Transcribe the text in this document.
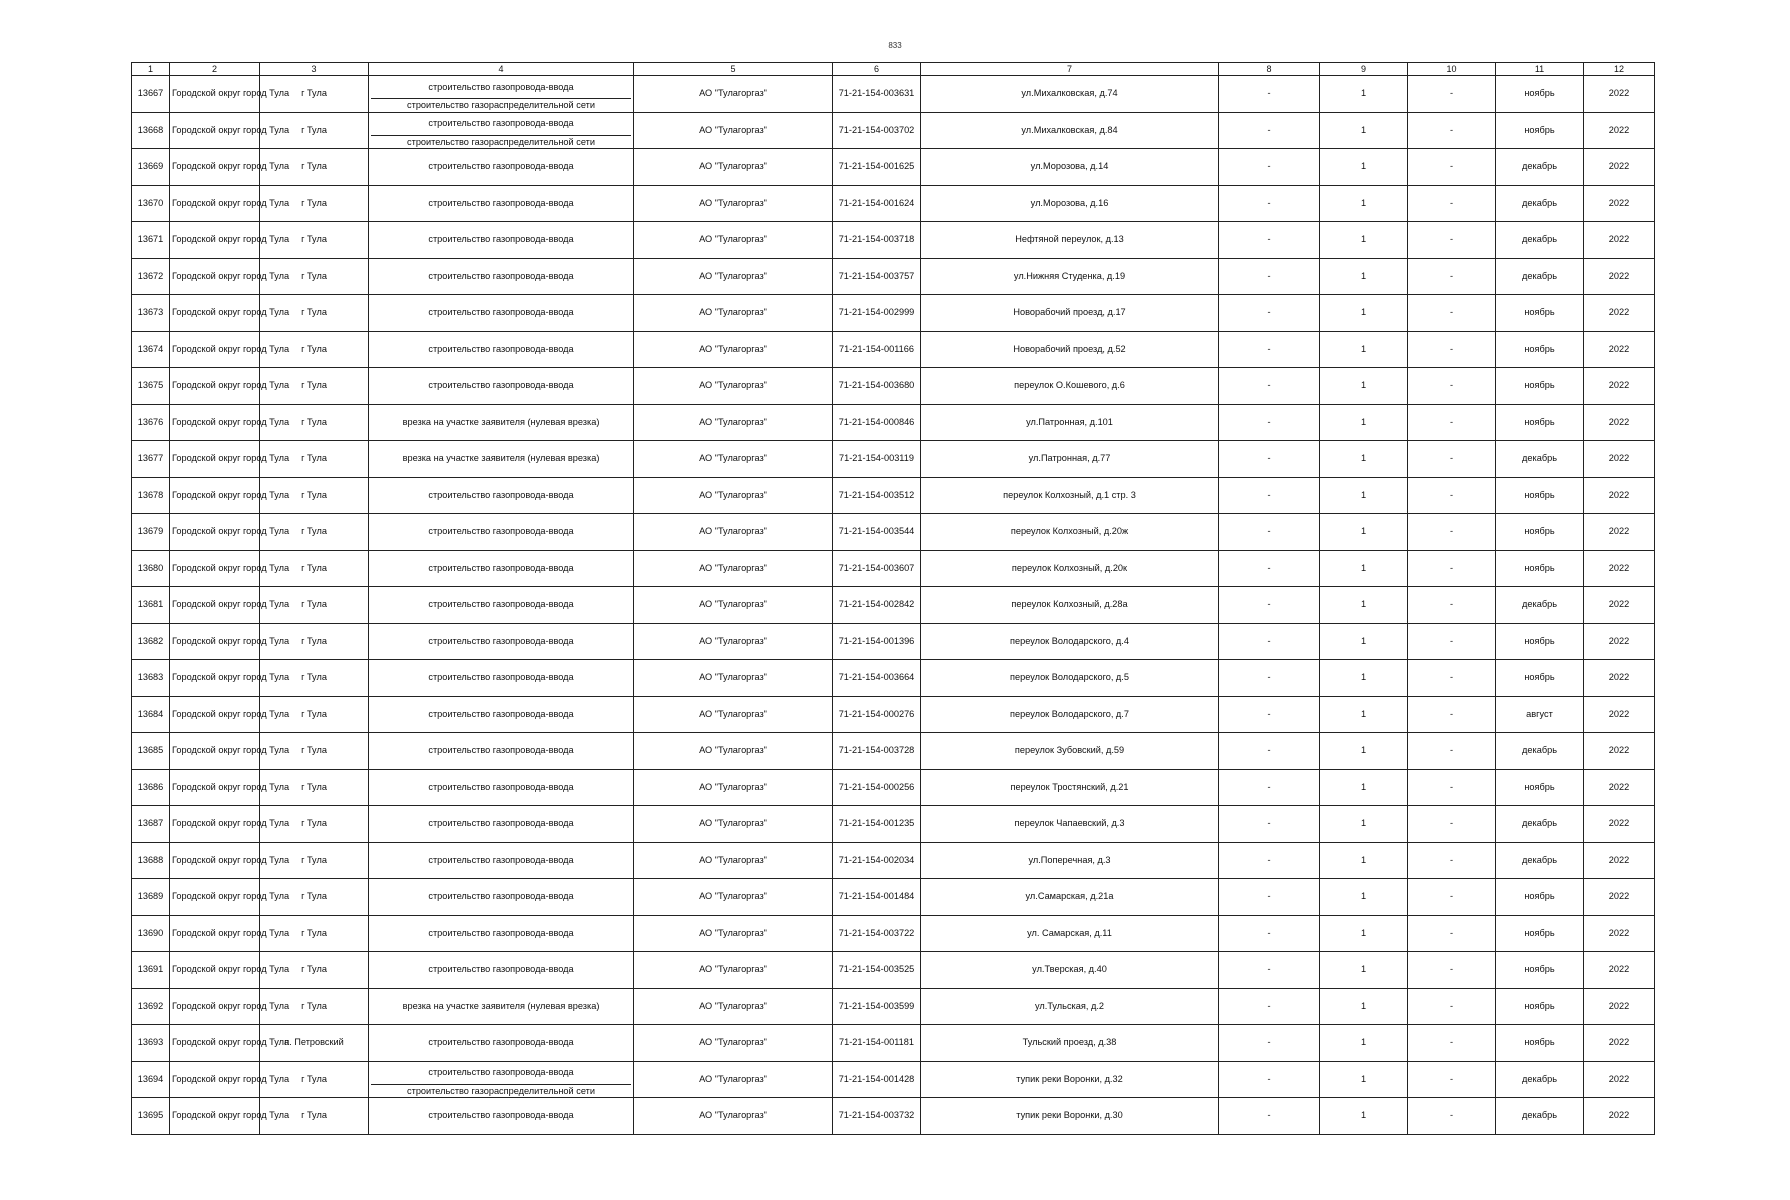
833
1	2	3	4	5	6	7	8	9	10	11	12
13667	Городской округ город Тула	г Тула	строительство газопровода-ввода
строительство газораспределительной сети	АО "Тулагоргаз"	71-21-154-003631	ул.Михалковская, д.74	-	1	-	ноябрь	2022
13668	Городской округ город Тула	г Тула	строительство газопровода-ввода
строительство газораспределительной сети	АО "Тулагоргаз"	71-21-154-003702	ул.Михалковская, д.84	-	1	-	ноябрь	2022
13669	Городской округ город Тула	г Тула	строительство газопровода-ввода	АО "Тулагоргаз"	71-21-154-001625	ул.Морозова, д.14	-	1	-	декабрь	2022
13670	Городской округ город Тула	г Тула	строительство газопровода-ввода	АО "Тулагоргаз"	71-21-154-001624	ул.Морозова, д.16	-	1	-	декабрь	2022
13671	Городской округ город Тула	г Тула	строительство газопровода-ввода	АО "Тулагоргаз"	71-21-154-003718	Нефтяной переулок, д.13	-	1	-	декабрь	2022
13672	Городской округ город Тула	г Тула	строительство газопровода-ввода	АО "Тулагоргаз"	71-21-154-003757	ул.Нижняя Студенка, д.19	-	1	-	декабрь	2022
13673	Городской округ город Тула	г Тула	строительство газопровода-ввода	АО "Тулагоргаз"	71-21-154-002999	Новорабочий проезд, д.17	-	1	-	ноябрь	2022
13674	Городской округ город Тула	г Тула	строительство газопровода-ввода	АО "Тулагоргаз"	71-21-154-001166	Новорабочий проезд, д.52	-	1	-	ноябрь	2022
13675	Городской округ город Тула	г Тула	строительство газопровода-ввода	АО "Тулагоргаз"	71-21-154-003680	переулок О.Кошевого, д.6	-	1	-	ноябрь	2022
13676	Городской округ город Тула	г Тула	врезка на участке заявителя (нулевая врезка)	АО "Тулагоргаз"	71-21-154-000846	ул.Патронная, д.101	-	1	-	ноябрь	2022
13677	Городской округ город Тула	г Тула	врезка на участке заявителя (нулевая врезка)	АО "Тулагоргаз"	71-21-154-003119	ул.Патронная, д.77	-	1	-	декабрь	2022
13678	Городской округ город Тула	г Тула	строительство газопровода-ввода	АО "Тулагоргаз"	71-21-154-003512	переулок Колхозный, д.1 стр. 3	-	1	-	ноябрь	2022
13679	Городской округ город Тула	г Тула	строительство газопровода-ввода	АО "Тулагоргаз"	71-21-154-003544	переулок Колхозный, д.20ж	-	1	-	ноябрь	2022
13680	Городской округ город Тула	г Тула	строительство газопровода-ввода	АО "Тулагоргаз"	71-21-154-003607	переулок Колхозный, д.20к	-	1	-	ноябрь	2022
13681	Городской округ город Тула	г Тула	строительство газопровода-ввода	АО "Тулагоргаз"	71-21-154-002842	переулок Колхозный, д.28а	-	1	-	декабрь	2022
13682	Городской округ город Тула	г Тула	строительство газопровода-ввода	АО "Тулагоргаз"	71-21-154-001396	переулок Володарского, д.4	-	1	-	ноябрь	2022
13683	Городской округ город Тула	г Тула	строительство газопровода-ввода	АО "Тулагоргаз"	71-21-154-003664	переулок Володарского, д.5	-	1	-	ноябрь	2022
13684	Городской округ город Тула	г Тула	строительство газопровода-ввода	АО "Тулагоргаз"	71-21-154-000276	переулок Володарского, д.7	-	1	-	август	2022
13685	Городской округ город Тула	г Тула	строительство газопровода-ввода	АО "Тулагоргаз"	71-21-154-003728	переулок Зубовский, д.59	-	1	-	декабрь	2022
13686	Городской округ город Тула	г Тула	строительство газопровода-ввода	АО "Тулагоргаз"	71-21-154-000256	переулок Тростянский, д.21	-	1	-	ноябрь	2022
13687	Городской округ город Тула	г Тула	строительство газопровода-ввода	АО "Тулагоргаз"	71-21-154-001235	переулок Чапаевский, д.3	-	1	-	декабрь	2022
13688	Городской округ город Тула	г Тула	строительство газопровода-ввода	АО "Тулагоргаз"	71-21-154-002034	ул.Поперечная, д.3	-	1	-	декабрь	2022
13689	Городской округ город Тула	г Тула	строительство газопровода-ввода	АО "Тулагоргаз"	71-21-154-001484	ул.Самарская, д.21а	-	1	-	ноябрь	2022
13690	Городской округ город Тула	г Тула	строительство газопровода-ввода	АО "Тулагоргаз"	71-21-154-003722	ул. Самарская, д.11	-	1	-	ноябрь	2022
13691	Городской округ город Тула	г Тула	строительство газопровода-ввода	АО "Тулагоргаз"	71-21-154-003525	ул.Тверская, д.40	-	1	-	ноябрь	2022
13692	Городской округ город Тула	г Тула	врезка на участке заявителя (нулевая врезка)	АО "Тулагоргаз"	71-21-154-003599	ул.Тульская, д.2	-	1	-	ноябрь	2022
13693	Городской округ город Тула	п. Петровский	строительство газопровода-ввода	АО "Тулагоргаз"	71-21-154-001181	Тульский проезд, д.38	-	1	-	ноябрь	2022
13694	Городской округ город Тула	г Тула	строительство газопровода-ввода
строительство газораспределительной сети	АО "Тулагоргаз"	71-21-154-001428	тупик реки Воронки, д.32	-	1	-	декабрь	2022
13695	Городской округ город Тула	г Тула	строительство газопровода-ввода	АО "Тулагоргаз"	71-21-154-003732	тупик реки Воронки, д.30	-	1	-	декабрь	2022
